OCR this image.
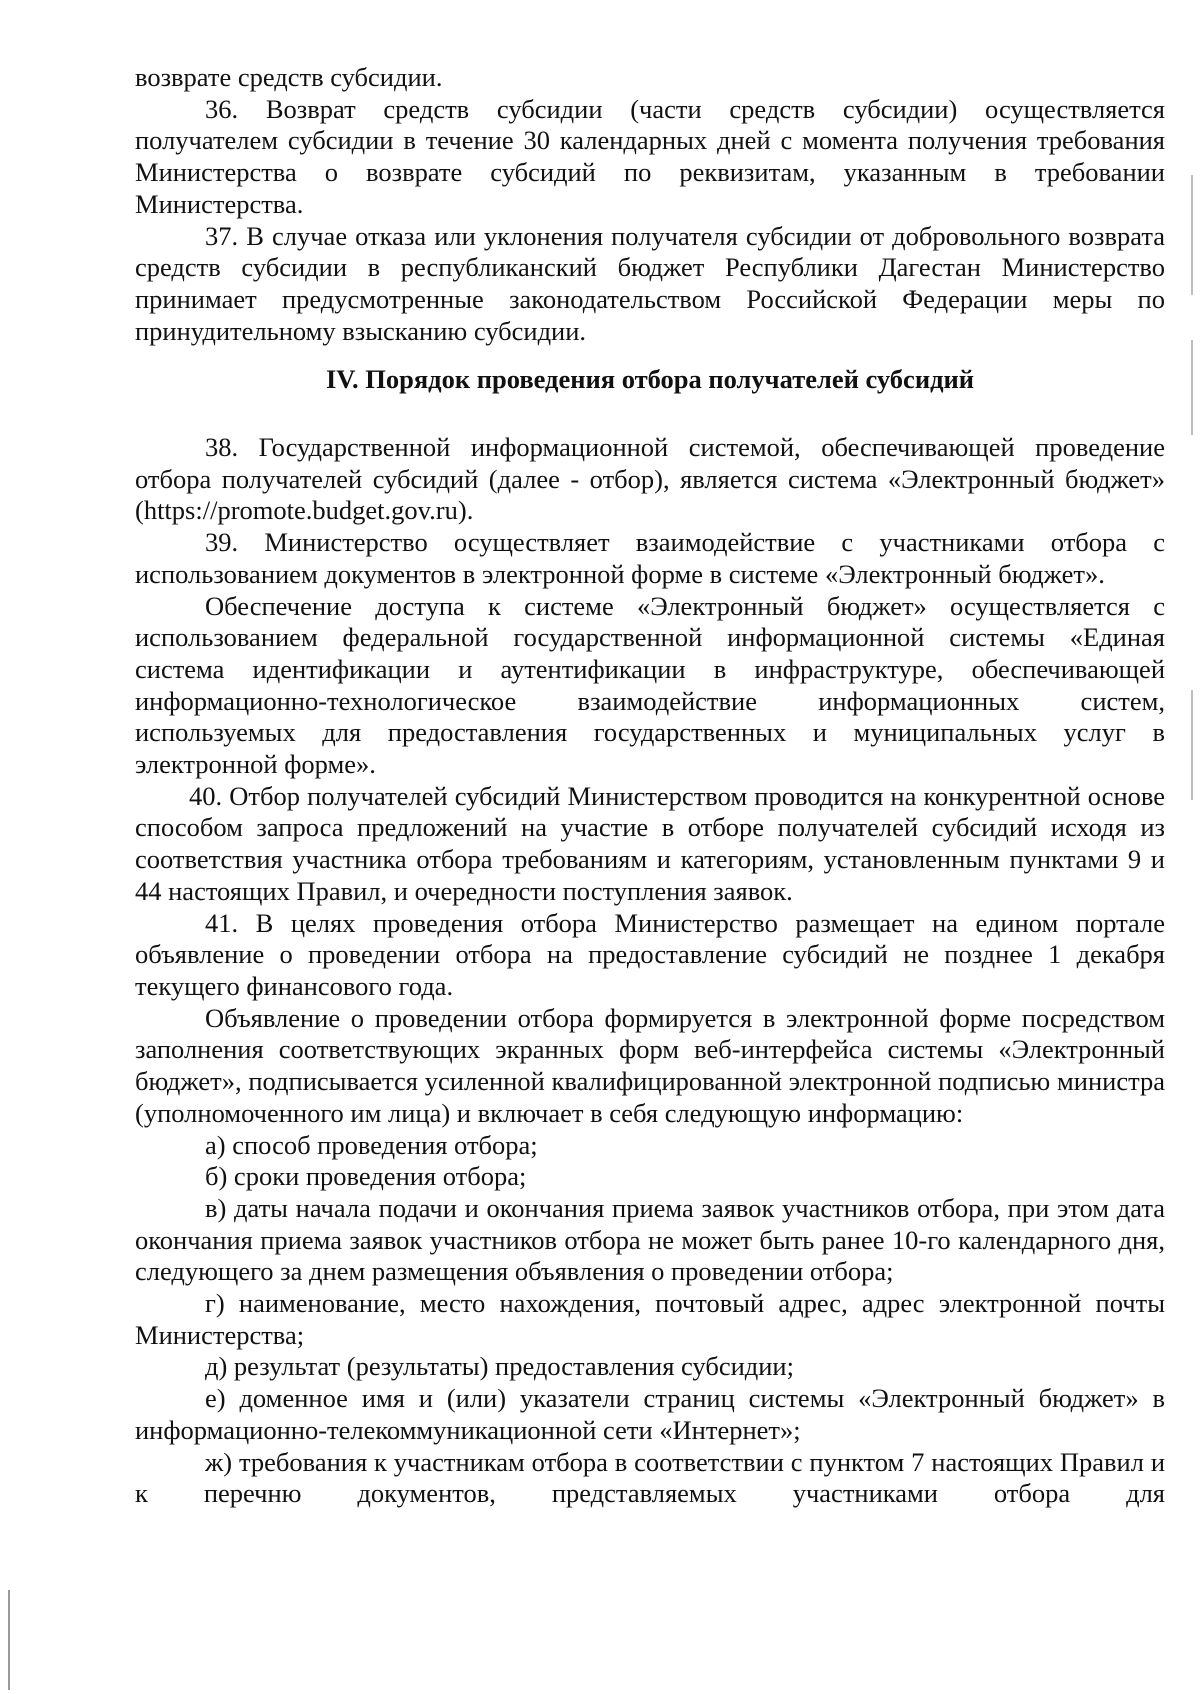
возврате средств субсидии.

36. Возврат средств субсидии (части средств субсидии) осуществляется получателем субсидии в течение 30 календарных дней с момента получения требования Министерства о возврате субсидий по реквизитам, указанным в требовании Министерства.

37. В случае отказа или уклонения получателя субсидии от добровольного возврата средств субсидии в республиканский бюджет Республики Дагестан Министерство принимает предусмотренные законодательством Российской Федерации меры по принудительному взысканию субсидии.

IV. Порядок проведения отбора получателей субсидий

38. Государственной информационной системой, обеспечивающей проведение отбора получателей субсидий (далее - отбор), является система «Электронный бюджет» (https://promote.budget.gov.ru).

39. Министерство осуществляет взаимодействие с участниками отбора с использованием документов в электронной форме в системе «Электронный бюджет».

Обеспечение доступа к системе «Электронный бюджет» осуществляется с использованием федеральной государственной информационной системы «Единая система идентификации и аутентификации в инфраструктуре, обеспечивающей информационно-технологическое взаимодействие информационных систем, используемых для предоставления государственных и муниципальных услуг в электронной форме».

40. Отбор получателей субсидий Министерством проводится на конкурентной основе способом запроса предложений на участие в отборе получателей субсидий исходя из соответствия участника отбора требованиям и категориям, установленным пунктами 9 и 44 настоящих Правил, и очередности поступления заявок.

41. В целях проведения отбора Министерство размещает на едином портале объявление о проведении отбора на предоставление субсидий не позднее 1 декабря текущего финансового года.

Объявление о проведении отбора формируется в электронной форме посредством заполнения соответствующих экранных форм веб-интерфейса системы «Электронный бюджет», подписывается усиленной квалифицированной электронной подписью министра (уполномоченного им лица) и включает в себя следующую информацию:

а) способ проведения отбора;

б) сроки проведения отбора;

в) даты начала подачи и окончания приема заявок участников отбора, при этом дата окончания приема заявок участников отбора не может быть ранее 10-го календарного дня, следующего за днем размещения объявления о проведении отбора;

г) наименование, место нахождения, почтовый адрес, адрес электронной почты Министерства;

д) результат (результаты) предоставления субсидии;

е) доменное имя и (или) указатели страниц системы «Электронный бюджет» в информационно-телекоммуникационной сети «Интернет»;

ж) требования к участникам отбора в соответствии с пунктом 7 настоящих Правил и к перечню документов, представляемых участниками отбора для
